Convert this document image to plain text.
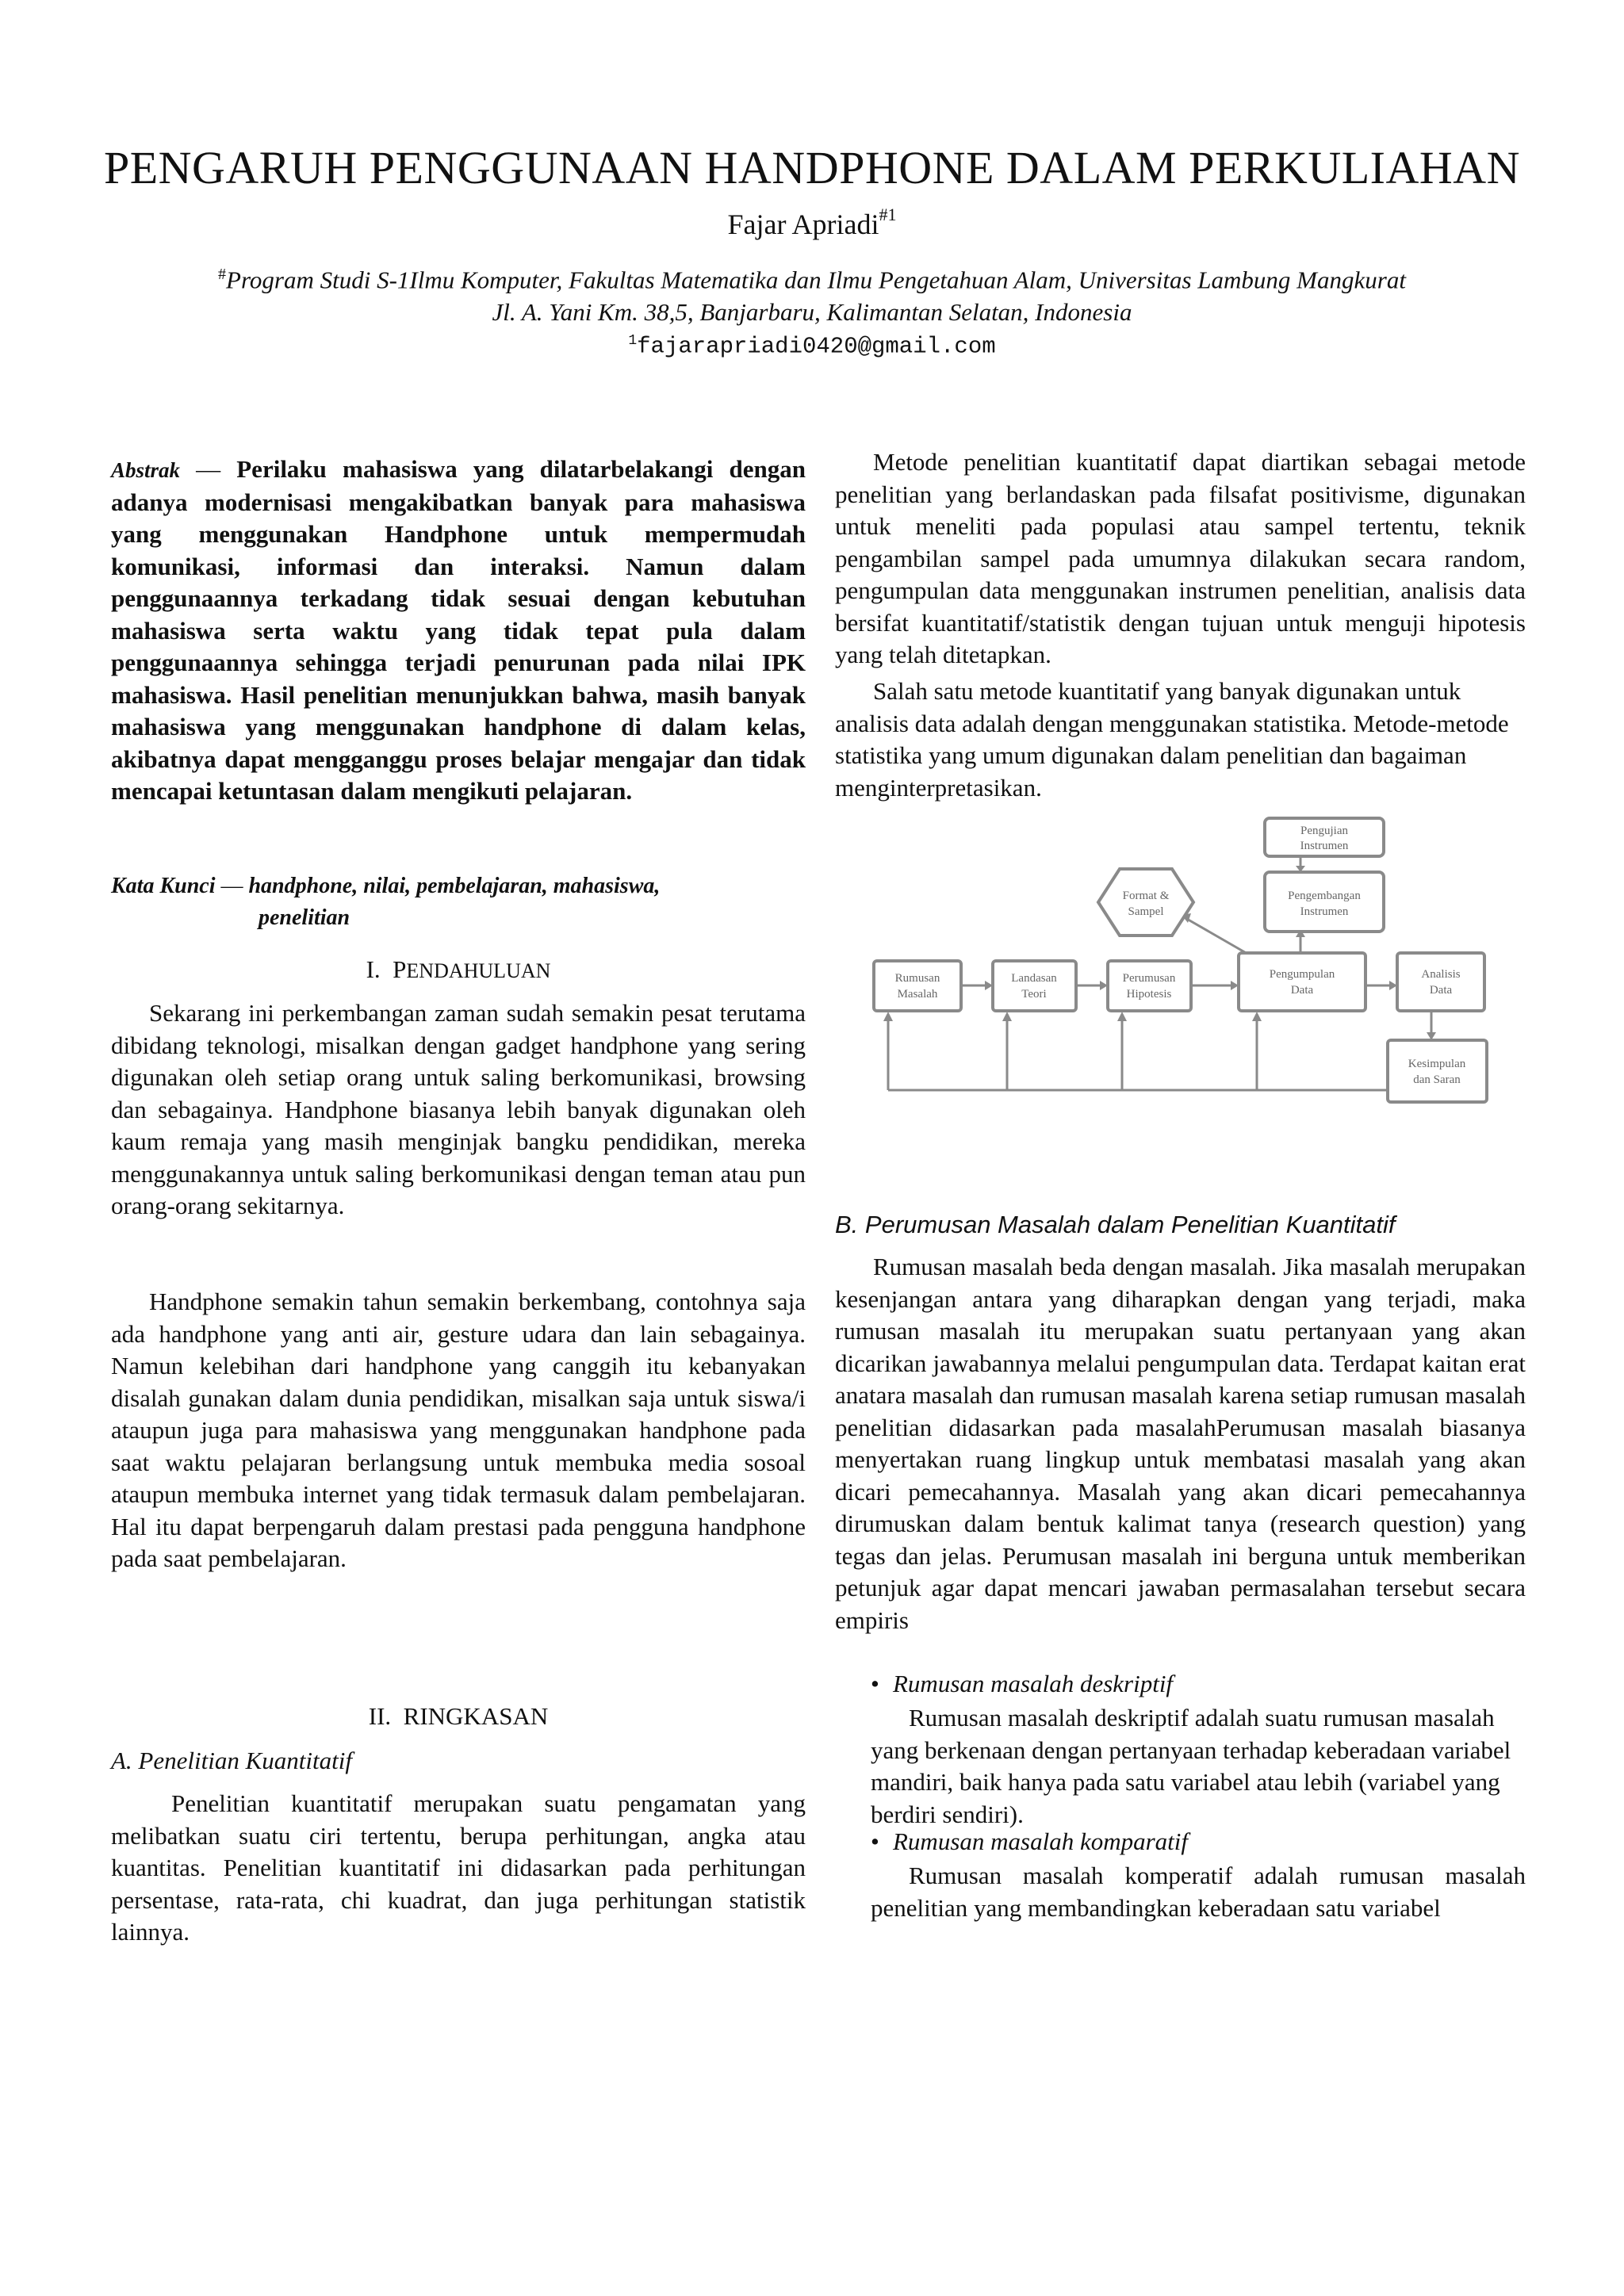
PENGARUH PENGGUNAAN HANDPHONE DALAM PERKULIAHAN
Fajar Apriadi$^{\#1}$
#Program Studi S-1Ilmu Komputer, Fakultas Matematika dan Ilmu Pengetahuan Alam, Universitas Lambung Mangkurat
Jl. A. Yani Km. 38,5, Banjarbaru, Kalimantan Selatan, Indonesia
$^1$fajarapriadi0420@gmail.com
Abstrak — Perilaku mahasiswa yang dilatarbelakangi dengan adanya modernisasi mengakibatkan banyak para mahasiswa yang menggunakan Handphone untuk mempermudah komunikasi, informasi dan interaksi. Namun dalam penggunaannya terkadang tidak sesuai dengan kebutuhan mahasiswa serta waktu yang tidak tepat pula dalam penggunaannya sehingga terjadi penurunan pada nilai IPK mahasiswa. Hasil penelitian menunjukkan bahwa, masih banyak mahasiswa yang menggunakan handphone di dalam kelas, akibatnya dapat mengganggu proses belajar mengajar dan tidak mencapai ketuntasan dalam mengikuti pelajaran.
Kata Kunci — handphone, nilai, pembelajaran, mahasiswa,
penelitian
I. PENDAHULUAN

Sekarang ini perkembangan zaman sudah semakin pesat terutama dibidang teknologi, misalkan dengan gadget handphone yang sering digunakan oleh setiap orang untuk saling berkomunikasi, browsing dan sebagainya. Handphone biasanya lebih banyak digunakan oleh kaum remaja yang masih menginjak bangku pendidikan, mereka menggunakannya untuk saling berkomunikasi dengan teman atau pun orang-orang sekitarnya.

Handphone semakin tahun semakin berkembang, contohnya saja ada handphone yang anti air, gesture udara dan lain sebagainya. Namun kelebihan dari handphone yang canggih itu kebanyakan disalah gunakan dalam dunia pendidikan, misalkan saja untuk siswa/i ataupun juga para mahasiswa yang menggunakan handphone pada saat waktu pelajaran berlangsung untuk membuka media sosoal ataupun membuka internet yang tidak termasuk dalam pembelajaran. Hal itu dapat berpengaruh dalam prestasi pada pengguna handphone pada saat pembelajaran.

II. RINGKASAN
A. Penelitian Kuantitatif

Penelitian kuantitatif merupakan suatu pengamatan yang melibatkan suatu ciri tertentu, berupa perhitungan, angka atau kuantitas. Penelitian kuantitatif ini didasarkan pada perhitungan persentase, rata-rata, chi kuadrat, dan juga perhitungan statistik lainnya.

Metode penelitian kuantitatif dapat diartikan sebagai metode penelitian yang berlandaskan pada filsafat positivisme, digunakan untuk meneliti pada populasi atau sampel tertentu, teknik pengambilan sampel pada umumnya dilakukan secara random, pengumpulan data menggunakan instrumen penelitian, analisis data bersifat kuantitatif/statistik dengan tujuan untuk menguji hipotesis yang telah ditetapkan.

Salah satu metode kuantitatif yang banyak digunakan untuk analisis data adalah dengan menggunakan statistika. Metode-metode statistika yang umum digunakan dalam penelitian dan bagaiman menginterpretasikan.

Pengujian
Instrumen
Pengembangan
Instrumen
Format &
Sampel
Rumusan
Masalah
Landasan
Teori
Perumusan
Hipotesis
Pengumpulan
Data
Analisis
Data
Kesimpulan
dan Saran
B. Perumusan Masalah dalam Penelitian Kuantitatif

Rumusan masalah beda dengan masalah. Jika masalah merupakan kesenjangan antara yang diharapkan dengan yang terjadi, maka rumusan masalah itu merupakan suatu pertanyaan yang akan dicarikan jawabannya melalui pengumpulan data. Terdapat kaitan erat anatara masalah dan rumusan masalah karena setiap rumusan masalah penelitian didasarkan pada masalahPerumusan masalah biasanya menyertakan ruang lingkup untuk membatasi masalah yang akan dicari pemecahannya. Masalah yang akan dicari pemecahannya dirumuskan dalam bentuk kalimat tanya (research question) yang tegas dan jelas. Perumusan masalah ini berguna untuk memberikan petunjuk agar dapat mencari jawaban permasalahan tersebut secara empiris

• Rumusan masalah deskriptif

Rumusan masalah deskriptif adalah suatu rumusan masalah yang berkenaan dengan pertanyaan terhadap keberadaan variabel mandiri, baik hanya pada satu variabel atau lebih (variabel yang berdiri sendiri).

• Rumusan masalah komparatif

Rumusan masalah komperatif adalah rumusan masalah penelitian yang membandingkan keberadaan satu variabel
